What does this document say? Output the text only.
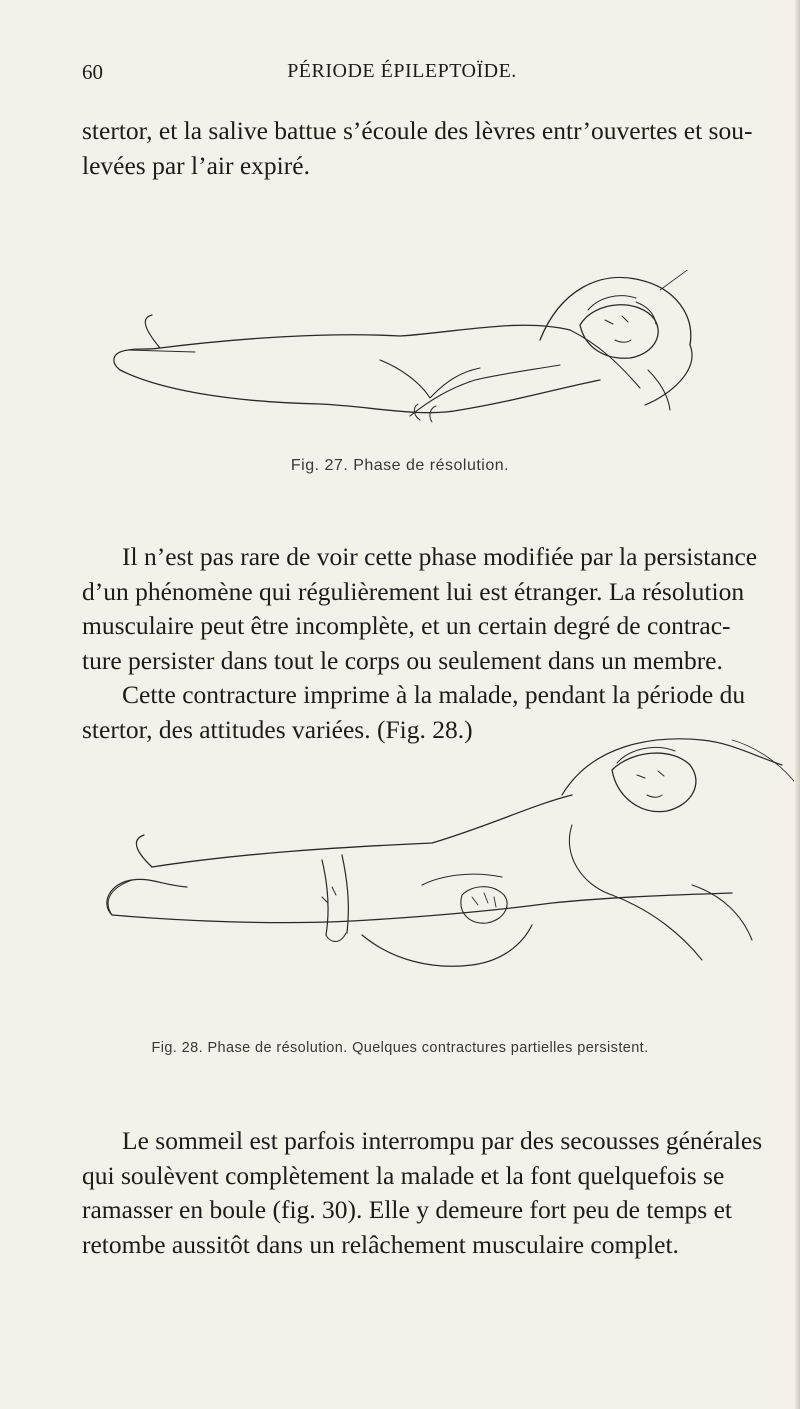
60	PÉRIODE ÉPILEPTOÏDE.

stertor, et la salive battue s’écoule des lèvres entr’ouvertes et sou-
levées par l’air expiré.

Fig. 27. Phase de résolution.

Il n’est pas rare de voir cette phase modifiée par la persistance
d’un phénomène qui régulièrement lui est étranger. La résolution
musculaire peut être incomplète, et un certain degré de contrac-
ture persister dans tout le corps ou seulement dans un membre.
Cette contracture imprime à la malade, pendant la période du
stertor, des attitudes variées. (Fig. 28.)

Fig. 28. Phase de résolution. Quelques contractures partielles persistent.

Le sommeil est parfois interrompu par des secousses générales
qui soulèvent complètement la malade et la font quelquefois se
ramasser en boule (fig. 30). Elle y demeure fort peu de temps et
retombe aussitôt dans un relâchement musculaire complet.
